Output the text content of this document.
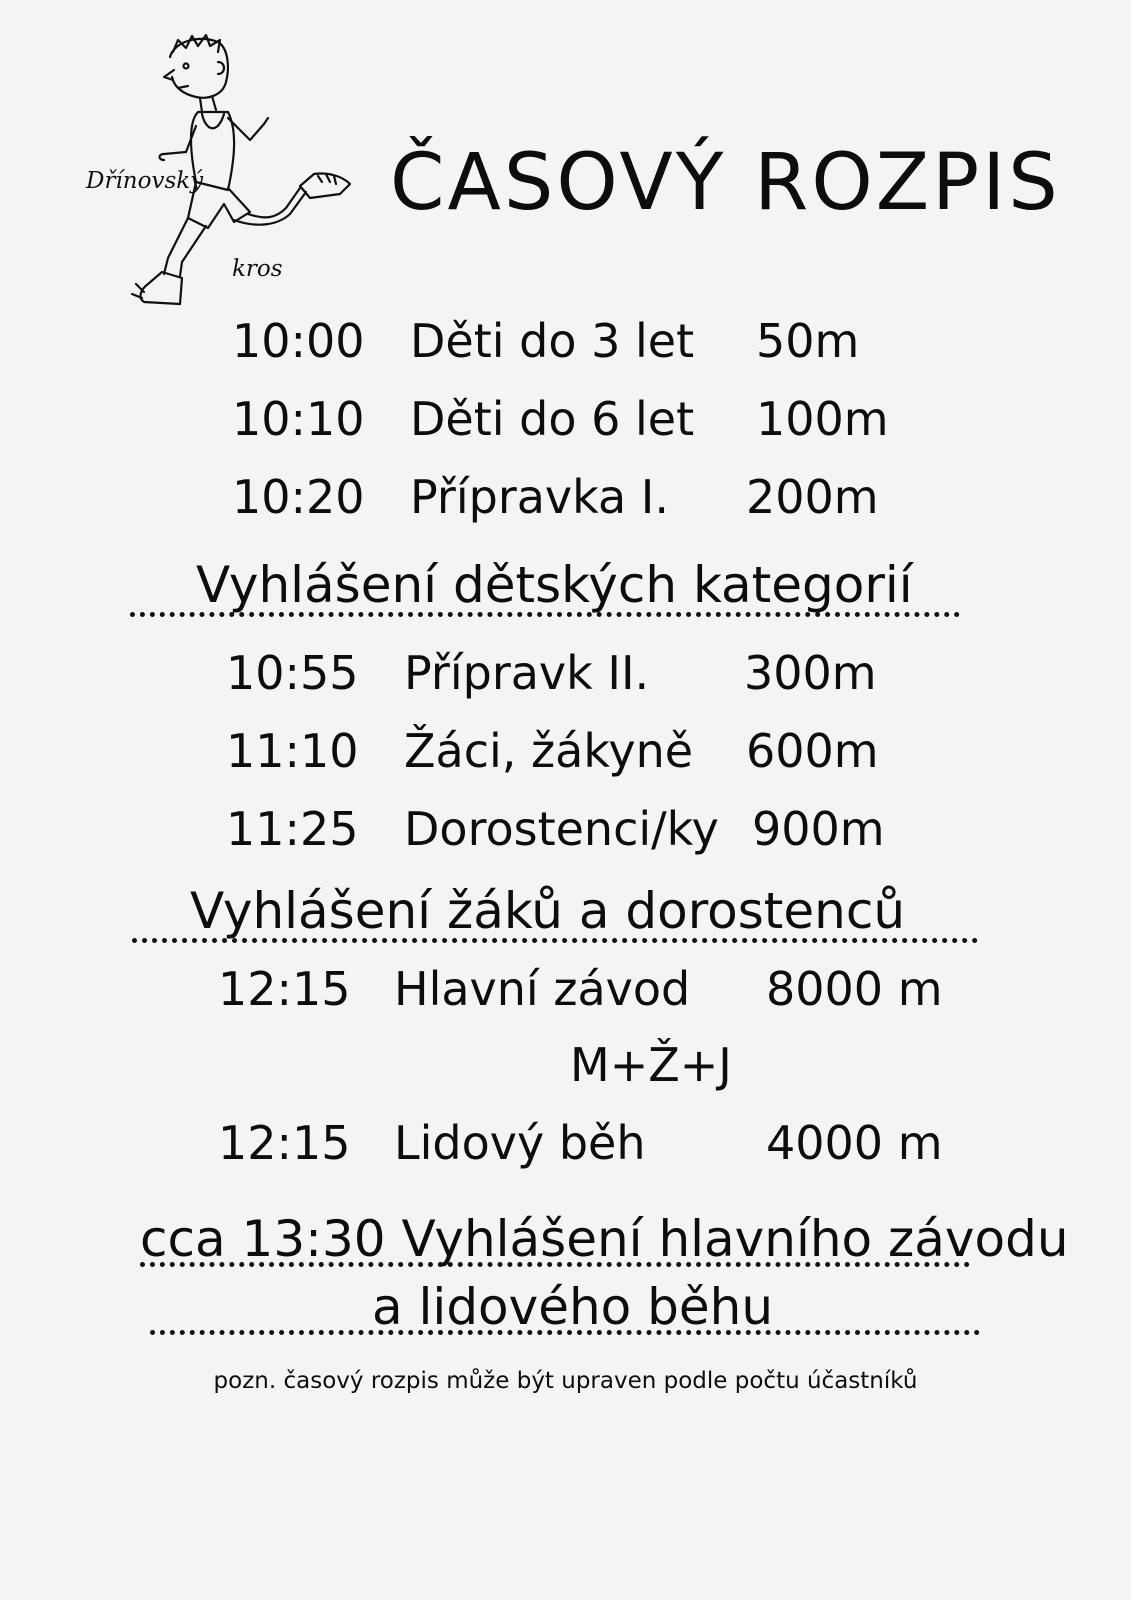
Dřínovský
kros
ČASOVÝ ROZPIS
10:00 Děti do 3 let 50m
10:10 Děti do 6 let 100m
10:20 Přípravka I. 200m
Vyhlášení dětských kategorií
10:55 Přípravk II. 300m
11:10 Žáci, žákyně 600m
11:25 Dorostenci/ky 900m
Vyhlášení žáků a dorostenců
12:15 Hlavní závod 8000 m
M+Ž+J
12:15 Lidový běh	4000 m
cca 13:30 Vyhlášení hlavního závodu
a lidového běhu
pozn. časový rozpis může být upraven podle počtu účastníků
